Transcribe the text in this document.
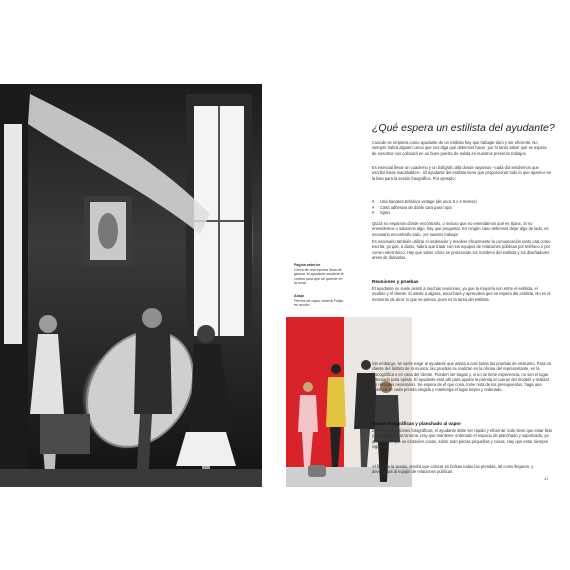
Página anterior
Cerca de una escena llena de glamur, la ayudante sostiene la cortina para que se aprecie en la toma.
Abajo
Percha de vapor vertical Fridja en acción.
¿Qué espera un estilista del ayudante?
Cuando se empieza como ayudante de un estilista hay que trabajar duro y ser eficiente. No siempre habrá alguien cerca que nos diga qué debemos hacer, por lo tanto saber qué se espera de nosotros nos colocará en un buen puesto de salida en nuestros primeros trabajos.
Es esencial llevar un cuaderno y un bolígrafo allá donde vayamos –cada día tendremos que escribir listas inacabables–. El ayudante del estilista tiene que proporcionar todo lo que aparece en la lista para la sesión fotográfica. Por ejemplo:
× Una bandera británica vintage (de unos 5 x 4 metros)
× Cinta adhesiva de doble cara para ropa
× Sjanx
Quizá no sepamos dónde encontrarlo, o incluso que no entendamos qué es Sjanx. Si no entendemos o sabemos algo, hay que preguntar. En ningún caso debemos dejar algo de lado, es necesario encontrarlo todo, ¡es nuestro trabajo!
Es necesario también utilizar el ordenador y resolver eficazmente la comunicación tanto oral como escrita, ya que, a diario, habrá que tratar con los equipos de relaciones públicas por teléfono o por correo electrónico. Hay que saber cómo se pronuncian los nombres del estilista y los diseñadores antes de llamarlos.
Reuniones y pruebas
El ayudante no suele asistir a muchas reuniones, ya que la mayoría son entre el estilista, el modelo y el cliente. Si asiste a alguna, escuchará y aprenderá qué se espera del estilista. No es el momento de decir lo que se piensa, pues es la tarea del estilista.
Sin embargo, se suele exigir al ayudante que asista a casi todas las pruebas de vestuario. Para un cliente del ámbito de la música, las pruebas se realizan en la oficina del representante, en la discográfica o en casa del cliente. Pueden ser largas y, si no se tiene experiencia, no son el lugar adecuado para opinar. El ayudante está ahí para ajustar la prenda al cuerpo del modelo y realizar los retoques necesarios. Se espera de él que cosa, tome nota de los presupuestos, haga una Polaroid de cada prenda elegida y mantenga el lugar limpio y ordenado.
Tomas fotográficas y planchado al vapor
Durante las sesiones fotográficas, el ayudante debe ser rápido y eficiente; todo tiene que estar listo y planchado para la toma. Hay que mantener ordenado el espacio de planchado y vaporizado, ya que es fácil que se extravíen cosas, sobre todo piezas pequeñas y cosas. Hay que estar siempre vigilante.
Al final de la sesión, tendrá que colocar en bolsas todas las prendas, tal como llegaron, y devolverlas al equipo de relaciones públicas.
41
